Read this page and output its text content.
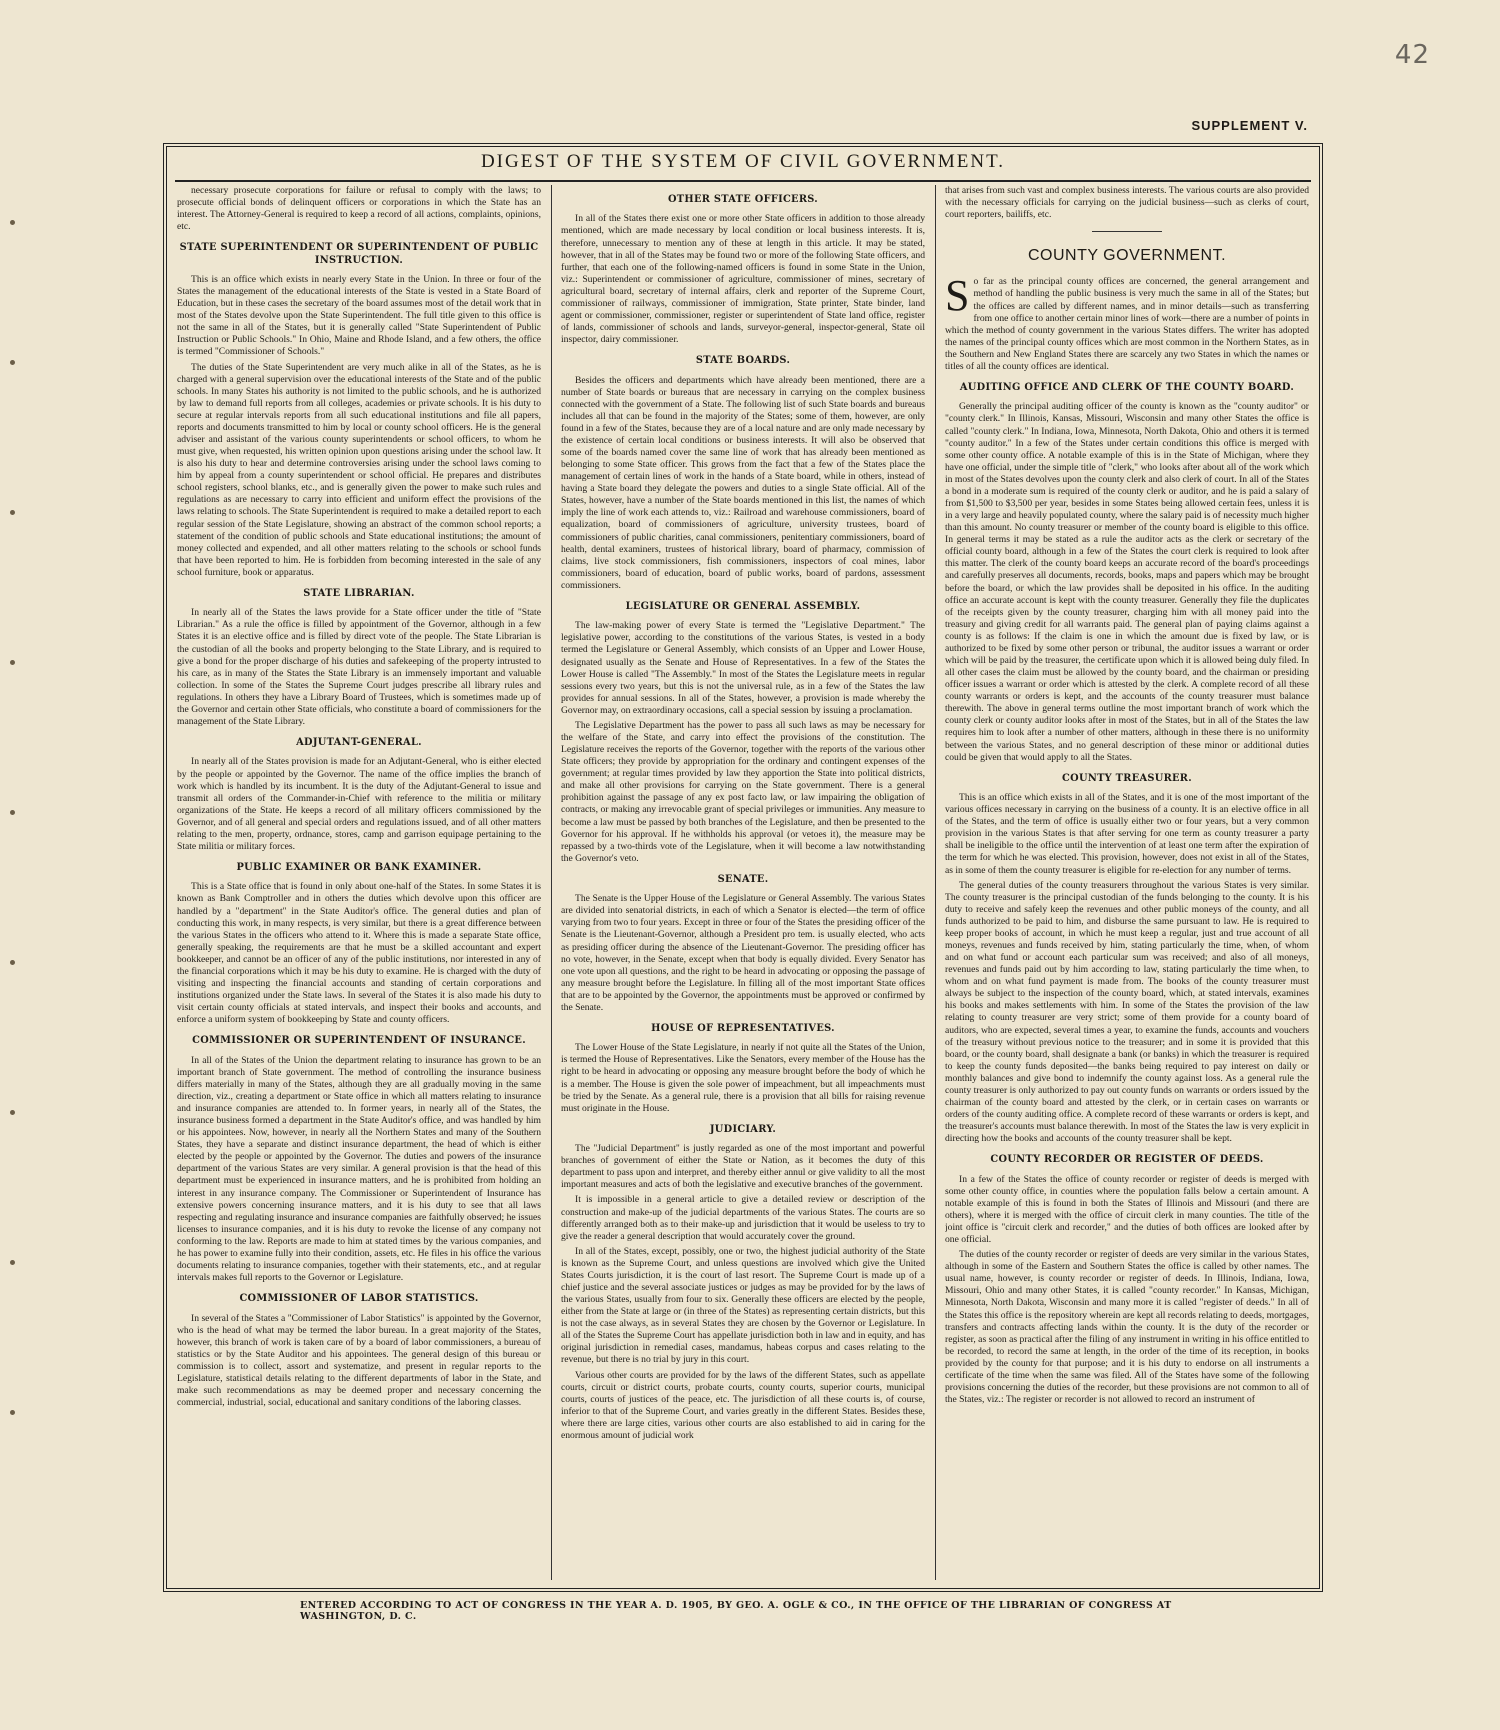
42
SUPPLEMENT V.
DIGEST OF THE SYSTEM OF CIVIL GOVERNMENT.

necessary prosecute corporations for failure or refusal to comply with the laws; to prosecute official bonds of delinquent officers or corporations in which the State has an interest. The Attorney-General is required to keep a record of all actions, complaints, opinions, etc.

STATE SUPERINTENDENT OR SUPERINTENDENT OF PUBLIC INSTRUCTION.

This is an office which exists in nearly every State in the Union. In three or four of the States the management of the educational interests of the State is vested in a State Board of Education, but in these cases the secretary of the board assumes most of the detail work that in most of the States devolve upon the State Superintendent. The full title given to this office is not the same in all of the States, but it is generally called "State Superintendent of Public Instruction or Public Schools." In Ohio, Maine and Rhode Island, and a few others, the office is termed "Commissioner of Schools."

The duties of the State Superintendent are very much alike in all of the States, as he is charged with a general supervision over the educational interests of the State and of the public schools. In many States his authority is not limited to the public schools, and he is authorized by law to demand full reports from all colleges, academies or private schools. It is his duty to secure at regular intervals reports from all such educational institutions and file all papers, reports and documents transmitted to him by local or county school officers. He is the general adviser and assistant of the various county superintendents or school officers, to whom he must give, when requested, his written opinion upon questions arising under the school law. It is also his duty to hear and determine controversies arising under the school laws coming to him by appeal from a county superintendent or school official. He prepares and distributes school registers, school blanks, etc., and is generally given the power to make such rules and regulations as are necessary to carry into efficient and uniform effect the provisions of the laws relating to schools. The State Superintendent is required to make a detailed report to each regular session of the State Legislature, showing an abstract of the common school reports; a statement of the condition of public schools and State educational institutions; the amount of money collected and expended, and all other matters relating to the schools or school funds that have been reported to him. He is forbidden from becoming interested in the sale of any school furniture, book or apparatus.

STATE LIBRARIAN.

In nearly all of the States the laws provide for a State officer under the title of "State Librarian." As a rule the office is filled by appointment of the Governor, although in a few States it is an elective office and is filled by direct vote of the people. The State Librarian is the custodian of all the books and property belonging to the State Library, and is required to give a bond for the proper discharge of his duties and safekeeping of the property intrusted to his care, as in many of the States the State Library is an immensely important and valuable collection. In some of the States the Supreme Court judges prescribe all library rules and regulations. In others they have a Library Board of Trustees, which is sometimes made up of the Governor and certain other State officials, who constitute a board of commissioners for the management of the State Library.

ADJUTANT-GENERAL.

In nearly all of the States provision is made for an Adjutant-General, who is either elected by the people or appointed by the Governor. The name of the office implies the branch of work which is handled by its incumbent. It is the duty of the Adjutant-General to issue and transmit all orders of the Commander-in-Chief with reference to the militia or military organizations of the State. He keeps a record of all military officers commissioned by the Governor, and of all general and special orders and regulations issued, and of all other matters relating to the men, property, ordnance, stores, camp and garrison equipage pertaining to the State militia or military forces.

PUBLIC EXAMINER OR BANK EXAMINER.

This is a State office that is found in only about one-half of the States. In some States it is known as Bank Comptroller and in others the duties which devolve upon this officer are handled by a "department" in the State Auditor's office. The general duties and plan of conducting this work, in many respects, is very similar, but there is a great difference between the various States in the officers who attend to it. Where this is made a separate State office, generally speaking, the requirements are that he must be a skilled accountant and expert bookkeeper, and cannot be an officer of any of the public institutions, nor interested in any of the financial corporations which it may be his duty to examine. He is charged with the duty of visiting and inspecting the financial accounts and standing of certain corporations and institutions organized under the State laws. In several of the States it is also made his duty to visit certain county officials at stated intervals, and inspect their books and accounts, and enforce a uniform system of bookkeeping by State and county officers.

COMMISSIONER OR SUPERINTENDENT OF INSURANCE.

In all of the States of the Union the department relating to insurance has grown to be an important branch of State government. The method of controlling the insurance business differs materially in many of the States, although they are all gradually moving in the same direction, viz., creating a department or State office in which all matters relating to insurance and insurance companies are attended to. In former years, in nearly all of the States, the insurance business formed a department in the State Auditor's office, and was handled by him or his appointees. Now, however, in nearly all the Northern States and many of the Southern States, they have a separate and distinct insurance department, the head of which is either elected by the people or appointed by the Governor. The duties and powers of the insurance department of the various States are very similar. A general provision is that the head of this department must be experienced in insurance matters, and he is prohibited from holding an interest in any insurance company. The Commissioner or Superintendent of Insurance has extensive powers concerning insurance matters, and it is his duty to see that all laws respecting and regulating insurance and insurance companies are faithfully observed; he issues licenses to insurance companies, and it is his duty to revoke the license of any company not conforming to the law. Reports are made to him at stated times by the various companies, and he has power to examine fully into their condition, assets, etc. He files in his office the various documents relating to insurance companies, together with their statements, etc., and at regular intervals makes full reports to the Governor or Legislature.

COMMISSIONER OF LABOR STATISTICS.

In several of the States a "Commissioner of Labor Statistics" is appointed by the Governor, who is the head of what may be termed the labor bureau. In a great majority of the States, however, this branch of work is taken care of by a board of labor commissioners, a bureau of statistics or by the State Auditor and his appointees. The general design of this bureau or commission is to collect, assort and systematize, and present in regular reports to the Legislature, statistical details relating to the different departments of labor in the State, and make such recommendations as may be deemed proper and necessary concerning the commercial, industrial, social, educational and sanitary conditions of the laboring classes.

OTHER STATE OFFICERS.

In all of the States there exist one or more other State officers in addition to those already mentioned, which are made necessary by local condition or local business interests. It is, therefore, unnecessary to mention any of these at length in this article. It may be stated, however, that in all of the States may be found two or more of the following State officers, and further, that each one of the following-named officers is found in some State in the Union, viz.: Superintendent or commissioner of agriculture, commissioner of mines, secretary of agricultural board, secretary of internal affairs, clerk and reporter of the Supreme Court, commissioner of railways, commissioner of immigration, State printer, State binder, land agent or commissioner, commissioner, register or superintendent of State land office, register of lands, commissioner of schools and lands, surveyor-general, inspector-general, State oil inspector, dairy commissioner.

STATE BOARDS.

Besides the officers and departments which have already been mentioned, there are a number of State boards or bureaus that are necessary in carrying on the complex business connected with the government of a State. The following list of such State boards and bureaus includes all that can be found in the majority of the States; some of them, however, are only found in a few of the States, because they are of a local nature and are only made necessary by the existence of certain local conditions or business interests. It will also be observed that some of the boards named cover the same line of work that has already been mentioned as belonging to some State officer. This grows from the fact that a few of the States place the management of certain lines of work in the hands of a State board, while in others, instead of having a State board they delegate the powers and duties to a single State official. All of the States, however, have a number of the State boards mentioned in this list, the names of which imply the line of work each attends to, viz.: Railroad and warehouse commissioners, board of equalization, board of commissioners of agriculture, university trustees, board of commissioners of public charities, canal commissioners, penitentiary commissioners, board of health, dental examiners, trustees of historical library, board of pharmacy, commission of claims, live stock commissioners, fish commissioners, inspectors of coal mines, labor commissioners, board of education, board of public works, board of pardons, assessment commissioners.

LEGISLATURE OR GENERAL ASSEMBLY.

The law-making power of every State is termed the "Legislative Department." The legislative power, according to the constitutions of the various States, is vested in a body termed the Legislature or General Assembly, which consists of an Upper and Lower House, designated usually as the Senate and House of Representatives. In a few of the States the Lower House is called "The Assembly." In most of the States the Legislature meets in regular sessions every two years, but this is not the universal rule, as in a few of the States the law provides for annual sessions. In all of the States, however, a provision is made whereby the Governor may, on extraordinary occasions, call a special session by issuing a proclamation.

The Legislative Department has the power to pass all such laws as may be necessary for the welfare of the State, and carry into effect the provisions of the constitution. The Legislature receives the reports of the Governor, together with the reports of the various other State officers; they provide by appropriation for the ordinary and contingent expenses of the government; at regular times provided by law they apportion the State into political districts, and make all other provisions for carrying on the State government. There is a general prohibition against the passage of any ex post facto law, or law impairing the obligation of contracts, or making any irrevocable grant of special privileges or immunities. Any measure to become a law must be passed by both branches of the Legislature, and then be presented to the Governor for his approval. If he withholds his approval (or vetoes it), the measure may be repassed by a two-thirds vote of the Legislature, when it will become a law notwithstanding the Governor's veto.

SENATE.

The Senate is the Upper House of the Legislature or General Assembly. The various States are divided into senatorial districts, in each of which a Senator is elected—the term of office varying from two to four years. Except in three or four of the States the presiding officer of the Senate is the Lieutenant-Governor, although a President pro tem. is usually elected, who acts as presiding officer during the absence of the Lieutenant-Governor. The presiding officer has no vote, however, in the Senate, except when that body is equally divided. Every Senator has one vote upon all questions, and the right to be heard in advocating or opposing the passage of any measure brought before the Legislature. In filling all of the most important State offices that are to be appointed by the Governor, the appointments must be approved or confirmed by the Senate.

HOUSE OF REPRESENTATIVES.

The Lower House of the State Legislature, in nearly if not quite all the States of the Union, is termed the House of Representatives. Like the Senators, every member of the House has the right to be heard in advocating or opposing any measure brought before the body of which he is a member. The House is given the sole power of impeachment, but all impeachments must be tried by the Senate. As a general rule, there is a provision that all bills for raising revenue must originate in the House.

JUDICIARY.

The "Judicial Department" is justly regarded as one of the most important and powerful branches of government of either the State or Nation, as it becomes the duty of this department to pass upon and interpret, and thereby either annul or give validity to all the most important measures and acts of both the legislative and executive branches of the government.

It is impossible in a general article to give a detailed review or description of the construction and make-up of the judicial departments of the various States. The courts are so differently arranged both as to their make-up and jurisdiction that it would be useless to try to give the reader a general description that would accurately cover the ground.

In all of the States, except, possibly, one or two, the highest judicial authority of the State is known as the Supreme Court, and unless questions are involved which give the United States Courts jurisdiction, it is the court of last resort. The Supreme Court is made up of a chief justice and the several associate justices or judges as may be provided for by the laws of the various States, usually from four to six. Generally these officers are elected by the people, either from the State at large or (in three of the States) as representing certain districts, but this is not the case always, as in several States they are chosen by the Governor or Legislature. In all of the States the Supreme Court has appellate jurisdiction both in law and in equity, and has original jurisdiction in remedial cases, mandamus, habeas corpus and cases relating to the revenue, but there is no trial by jury in this court.

Various other courts are provided for by the laws of the different States, such as appellate courts, circuit or district courts, probate courts, county courts, superior courts, municipal courts, courts of justices of the peace, etc. The jurisdiction of all these courts is, of course, inferior to that of the Supreme Court, and varies greatly in the different States. Besides these, where there are large cities, various other courts are also established to aid in caring for the enormous amount of judicial work

that arises from such vast and complex business interests. The various courts are also provided with the necessary officials for carrying on the judicial business—such as clerks of court, court reporters, bailiffs, etc.

COUNTY GOVERNMENT.

So far as the principal county offices are concerned, the general arrangement and method of handling the public business is very much the same in all of the States; but the offices are called by different names, and in minor details—such as transferring from one office to another certain minor lines of work—there are a number of points in which the method of county government in the various States differs. The writer has adopted the names of the principal county offices which are most common in the Northern States, as in the Southern and New England States there are scarcely any two States in which the names or titles of all the county offices are identical.

AUDITING OFFICE AND CLERK OF THE COUNTY BOARD.

Generally the principal auditing officer of the county is known as the "county auditor" or "county clerk." In Illinois, Kansas, Missouri, Wisconsin and many other States the office is called "county clerk." In Indiana, Iowa, Minnesota, North Dakota, Ohio and others it is termed "county auditor." In a few of the States under certain conditions this office is merged with some other county office. A notable example of this is in the State of Michigan, where they have one official, under the simple title of "clerk," who looks after about all of the work which in most of the States devolves upon the county clerk and also clerk of court. In all of the States a bond in a moderate sum is required of the county clerk or auditor, and he is paid a salary of from $1,500 to $3,500 per year, besides in some States being allowed certain fees, unless it is in a very large and heavily populated county, where the salary paid is of necessity much higher than this amount. No county treasurer or member of the county board is eligible to this office. In general terms it may be stated as a rule the auditor acts as the clerk or secretary of the official county board, although in a few of the States the court clerk is required to look after this matter. The clerk of the county board keeps an accurate record of the board's proceedings and carefully preserves all documents, records, books, maps and papers which may be brought before the board, or which the law provides shall be deposited in his office. In the auditing office an accurate account is kept with the county treasurer. Generally they file the duplicates of the receipts given by the county treasurer, charging him with all money paid into the treasury and giving credit for all warrants paid. The general plan of paying claims against a county is as follows: If the claim is one in which the amount due is fixed by law, or is authorized to be fixed by some other person or tribunal, the auditor issues a warrant or order which will be paid by the treasurer, the certificate upon which it is allowed being duly filed. In all other cases the claim must be allowed by the county board, and the chairman or presiding officer issues a warrant or order which is attested by the clerk. A complete record of all these county warrants or orders is kept, and the accounts of the county treasurer must balance therewith. The above in general terms outline the most important branch of work which the county clerk or county auditor looks after in most of the States, but in all of the States the law requires him to look after a number of other matters, although in these there is no uniformity between the various States, and no general description of these minor or additional duties could be given that would apply to all the States.

COUNTY TREASURER.

This is an office which exists in all of the States, and it is one of the most important of the various offices necessary in carrying on the business of a county. It is an elective office in all of the States, and the term of office is usually either two or four years, but a very common provision in the various States is that after serving for one term as county treasurer a party shall be ineligible to the office until the intervention of at least one term after the expiration of the term for which he was elected. This provision, however, does not exist in all of the States, as in some of them the county treasurer is eligible for re-election for any number of terms.

The general duties of the county treasurers throughout the various States is very similar. The county treasurer is the principal custodian of the funds belonging to the county. It is his duty to receive and safely keep the revenues and other public moneys of the county, and all funds authorized to be paid to him, and disburse the same pursuant to law. He is required to keep proper books of account, in which he must keep a regular, just and true account of all moneys, revenues and funds received by him, stating particularly the time, when, of whom and on what fund or account each particular sum was received; and also of all moneys, revenues and funds paid out by him according to law, stating particularly the time when, to whom and on what fund payment is made from. The books of the county treasurer must always be subject to the inspection of the county board, which, at stated intervals, examines his books and makes settlements with him. In some of the States the provision of the law relating to county treasurer are very strict; some of them provide for a county board of auditors, who are expected, several times a year, to examine the funds, accounts and vouchers of the treasury without previous notice to the treasurer; and in some it is provided that this board, or the county board, shall designate a bank (or banks) in which the treasurer is required to keep the county funds deposited—the banks being required to pay interest on daily or monthly balances and give bond to indemnify the county against loss. As a general rule the county treasurer is only authorized to pay out county funds on warrants or orders issued by the chairman of the county board and attested by the clerk, or in certain cases on warrants or orders of the county auditing office. A complete record of these warrants or orders is kept, and the treasurer's accounts must balance therewith. In most of the States the law is very explicit in directing how the books and accounts of the county treasurer shall be kept.

COUNTY RECORDER OR REGISTER OF DEEDS.

In a few of the States the office of county recorder or register of deeds is merged with some other county office, in counties where the population falls below a certain amount. A notable example of this is found in both the States of Illinois and Missouri (and there are others), where it is merged with the office of circuit clerk in many counties. The title of the joint office is "circuit clerk and recorder," and the duties of both offices are looked after by one official.

The duties of the county recorder or register of deeds are very similar in the various States, although in some of the Eastern and Southern States the office is called by other names. The usual name, however, is county recorder or register of deeds. In Illinois, Indiana, Iowa, Missouri, Ohio and many other States, it is called "county recorder." In Kansas, Michigan, Minnesota, North Dakota, Wisconsin and many more it is called "register of deeds." In all of the States this office is the repository wherein are kept all records relating to deeds, mortgages, transfers and contracts affecting lands within the county. It is the duty of the recorder or register, as soon as practical after the filing of any instrument in writing in his office entitled to be recorded, to record the same at length, in the order of the time of its reception, in books provided by the county for that purpose; and it is his duty to endorse on all instruments a certificate of the time when the same was filed. All of the States have some of the following provisions concerning the duties of the recorder, but these provisions are not common to all of the States, viz.: The register or recorder is not allowed to record an instrument of

ENTERED ACCORDING TO ACT OF CONGRESS IN THE YEAR A. D. 1905, BY GEO. A. OGLE & CO., IN THE OFFICE OF THE LIBRARIAN OF CONGRESS AT WASHINGTON, D. C.
